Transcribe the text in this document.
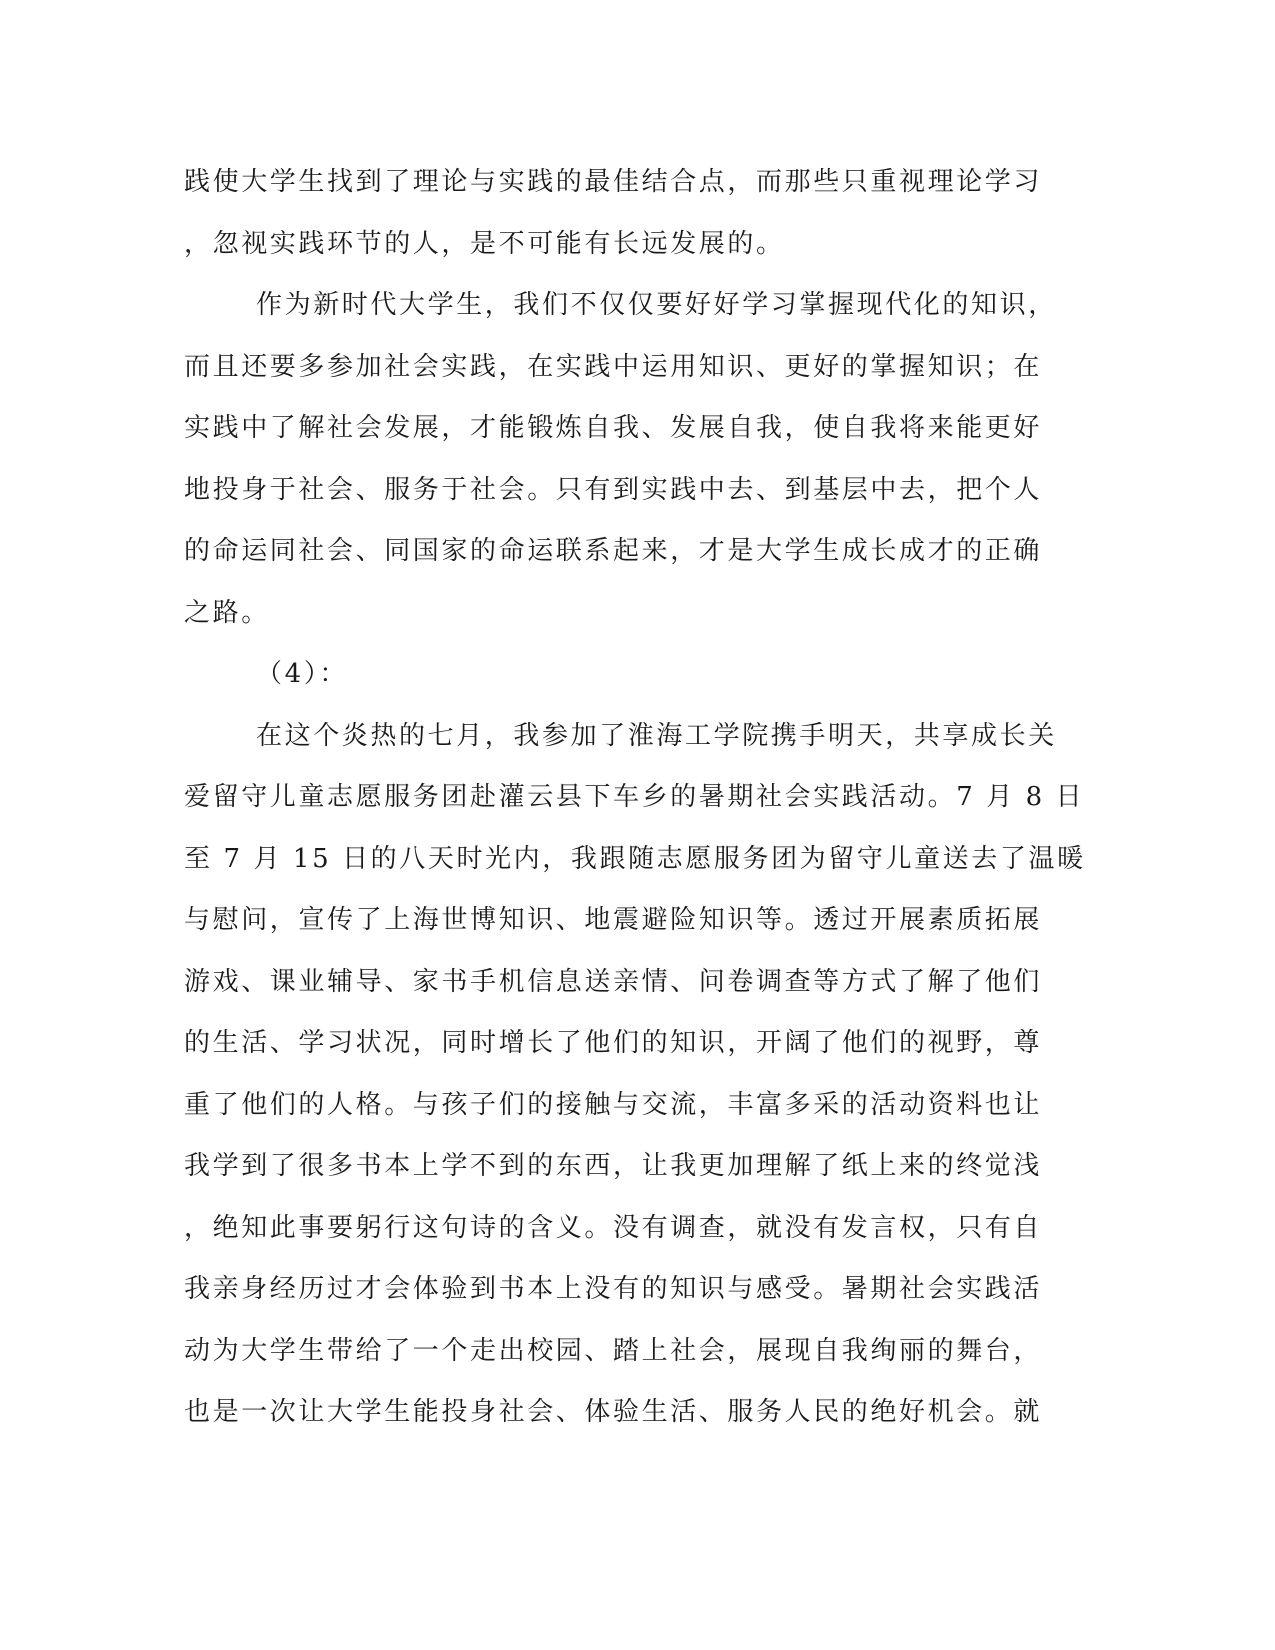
践使大学生找到了理论与实践的最佳结合点，而那些只重视理论学习
，忽视实践环节的人，是不可能有长远发展的。
作为新时代大学生，我们不仅仅要好好学习掌握现代化的知识，
而且还要多参加社会实践，在实践中运用知识、更好的掌握知识；在
实践中了解社会发展，才能锻炼自我、发展自我，使自我将来能更好
地投身于社会、服务于社会。只有到实践中去、到基层中去，把个人
的命运同社会、同国家的命运联系起来，才是大学生成长成才的正确
之路。
（4）：
在这个炎热的七月，我参加了淮海工学院携手明天，共享成长关
爱留守儿童志愿服务团赴灌云县下车乡的暑期社会实践活动。7 月 8 日
至 7 月 15 日的八天时光内，我跟随志愿服务团为留守儿童送去了温暖
与慰问，宣传了上海世博知识、地震避险知识等。透过开展素质拓展
游戏、课业辅导、家书手机信息送亲情、问卷调查等方式了解了他们
的生活、学习状况，同时增长了他们的知识，开阔了他们的视野，尊
重了他们的人格。与孩子们的接触与交流，丰富多采的活动资料也让
我学到了很多书本上学不到的东西，让我更加理解了纸上来的终觉浅
，绝知此事要躬行这句诗的含义。没有调查，就没有发言权，只有自
我亲身经历过才会体验到书本上没有的知识与感受。暑期社会实践活
动为大学生带给了一个走出校园、踏上社会，展现自我绚丽的舞台，
也是一次让大学生能投身社会、体验生活、服务人民的绝好机会。就
